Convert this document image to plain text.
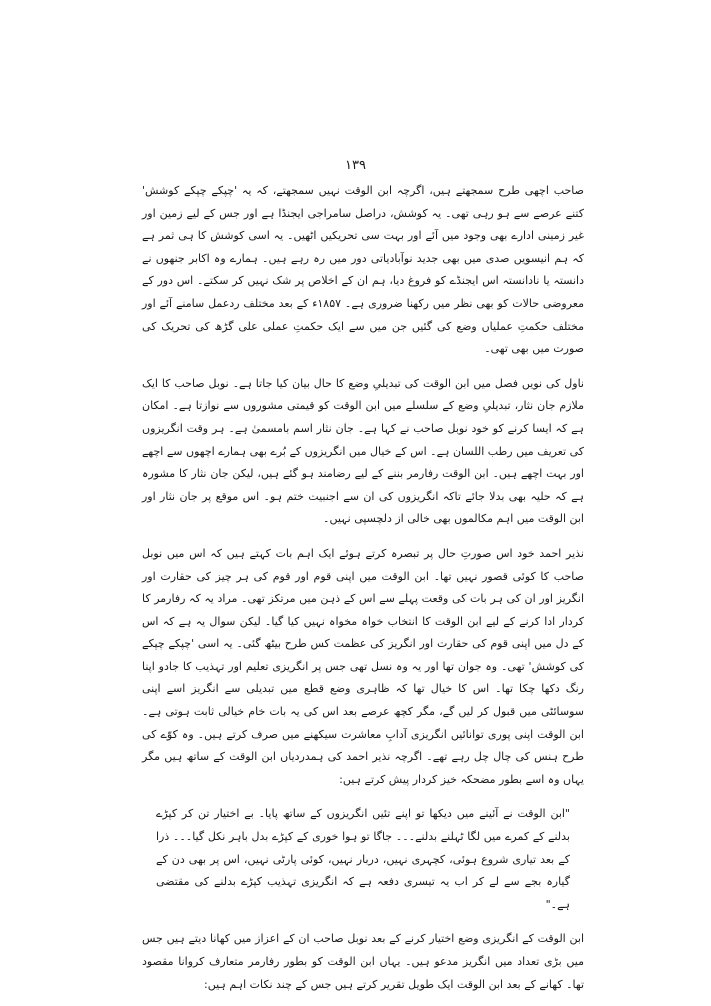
۱۳۹

صاحب اچھی طرح سمجھتے ہیں، اگرچہ ابن الوقت نہیں سمجھتے، کہ یہ 'چپکے چپکے کوشش' کتنے عرصے سے ہو رہی تھی۔ یہ کوشش، دراصل سامراجی ایجنڈا ہے اور جس کے لیے زمین اور غیر زمینی ادارے بھی وجود میں آئے اور بہت سی تحریکیں اٹھیں۔ یہ اسی کوشش کا ہی ثمر ہے کہ ہم انیسویں صدی میں بھی جدید نوآبادیاتی دور میں رہ رہے ہیں۔ ہمارے وہ اکابر جنھوں نے دانستہ یا نادانستہ اس ایجنڈے کو فروغ دیا، ہم ان کے اخلاص پر شک نہیں کر سکتے۔ اس دور کے معروضی حالات کو بھی نظر میں رکھنا ضروری ہے۔ ۱۸۵۷ء کے بعد مختلف ردعمل سامنے آئے اور مختلف حکمتِ عملیاں وضع کی گئیں جن میں سے ایک حکمتِ عملی علی گڑھ کی تحریک کی صورت میں بھی تھی۔

ناول کی نویں فصل میں ابن الوقت کی تبدیلیِ وضع کا حال بیان کیا جاتا ہے۔ نوبل صاحب کا ایک ملازم جان نثار، تبدیلیِ وضع کے سلسلے میں ابن الوقت کو قیمتی مشوروں سے نوازتا ہے۔ امکان ہے کہ ایسا کرنے کو خود نوبل صاحب نے کہا ہے۔ جان نثار اسم بامسمیٰ ہے۔ ہر وقت انگریزوں کی تعریف میں رطب اللسان ہے۔ اس کے خیال میں انگریزوں کے بُرے بھی ہمارے اچھوں سے اچھے اور بہت اچھے ہیں۔ ابن الوقت رفارمر بننے کے لیے رضامند ہو گئے ہیں، لیکن جان نثار کا مشورہ ہے کہ حلیہ بھی بدلا جائے تاکہ انگریزوں کی ان سے اجنبیت ختم ہو۔ اس موقع پر جان نثار اور ابن الوقت میں اہم مکالموں بھی خالی از دلچسپی نہیں۔

نذیر احمد خود اس صورتِ حال پر تبصرہ کرتے ہوئے ایک اہم بات کہتے ہیں کہ اس میں نوبل صاحب کا کوئی قصور نہیں تھا۔ ابن الوقت میں اپنی قوم اور قوم کی ہر چیز کی حقارت اور انگریز اور ان کی ہر بات کی وقعت پہلے سے اس کے ذہن میں مرتکز تھی۔ مراد یہ کہ رفارمر کا کردار ادا کرنے کے لیے ابن الوقت کا انتخاب خواہ مخواہ نہیں کیا گیا۔ لیکن سوال یہ ہے کہ اس کے دل میں اپنی قوم کی حقارت اور انگریز کی عظمت کس طرح بیٹھ گئی۔ یہ اسی 'چپکے چپکے کی کوشش' تھی۔ وہ جوان تھا اور یہ وہ نسل تھی جس پر انگریزی تعلیم اور تہذیب کا جادو اپنا رنگ دکھا چکا تھا۔ اس کا خیال تھا کہ ظاہری وضع قطع میں تبدیلی سے انگریز اسے اپنی سوسائٹی میں قبول کر لیں گے، مگر کچھ عرصے بعد اس کی یہ بات خام خیالی ثابت ہوتی ہے۔ ابن الوقت اپنی پوری توانائیں انگریزی آدابِ معاشرت سیکھنے میں صرف کرتے ہیں۔ وہ کوّے کی طرح ہنس کی چال چل رہے تھے۔ اگرچہ نذیر احمد کی ہمدردیاں ابن الوقت کے ساتھ ہیں مگر یہاں وہ اسے بطور مضحکہ خیز کردار پیش کرتے ہیں:

"ابن الوقت نے آئینے میں دیکھا تو اپنے تئیں انگریزوں کے ساتھ پایا۔ بے اختیار تن کر کپڑے بدلنے کے کمرے میں لگا ٹہلنے بدلنے۔۔۔ جاگا تو ہوا خوری کے کپڑے بدل باہر نکل گیا۔۔۔ ذرا کے بعد تیاری شروع ہوئی، کچہری نہیں، دربار نہیں، کوئی پارٹی نہیں، اس پر بھی دن کے گیارہ بجے سے لے کر اب یہ تیسری دفعہ ہے کہ انگریزی تہذیب کپڑے بدلنے کی مقتضی ہے۔"

ابن الوقت کے انگریزی وضع اختیار کرنے کے بعد نوبل صاحب ان کے اعزاز میں کھانا دیتے ہیں جس میں بڑی تعداد میں انگریز مدعو ہیں۔ یہاں ابن الوقت کو بطور رفارمر متعارف کروانا مقصود تھا۔ کھانے کے بعد ابن الوقت ایک طویل تقریر کرتے ہیں جس کے چند نکات اہم ہیں:
